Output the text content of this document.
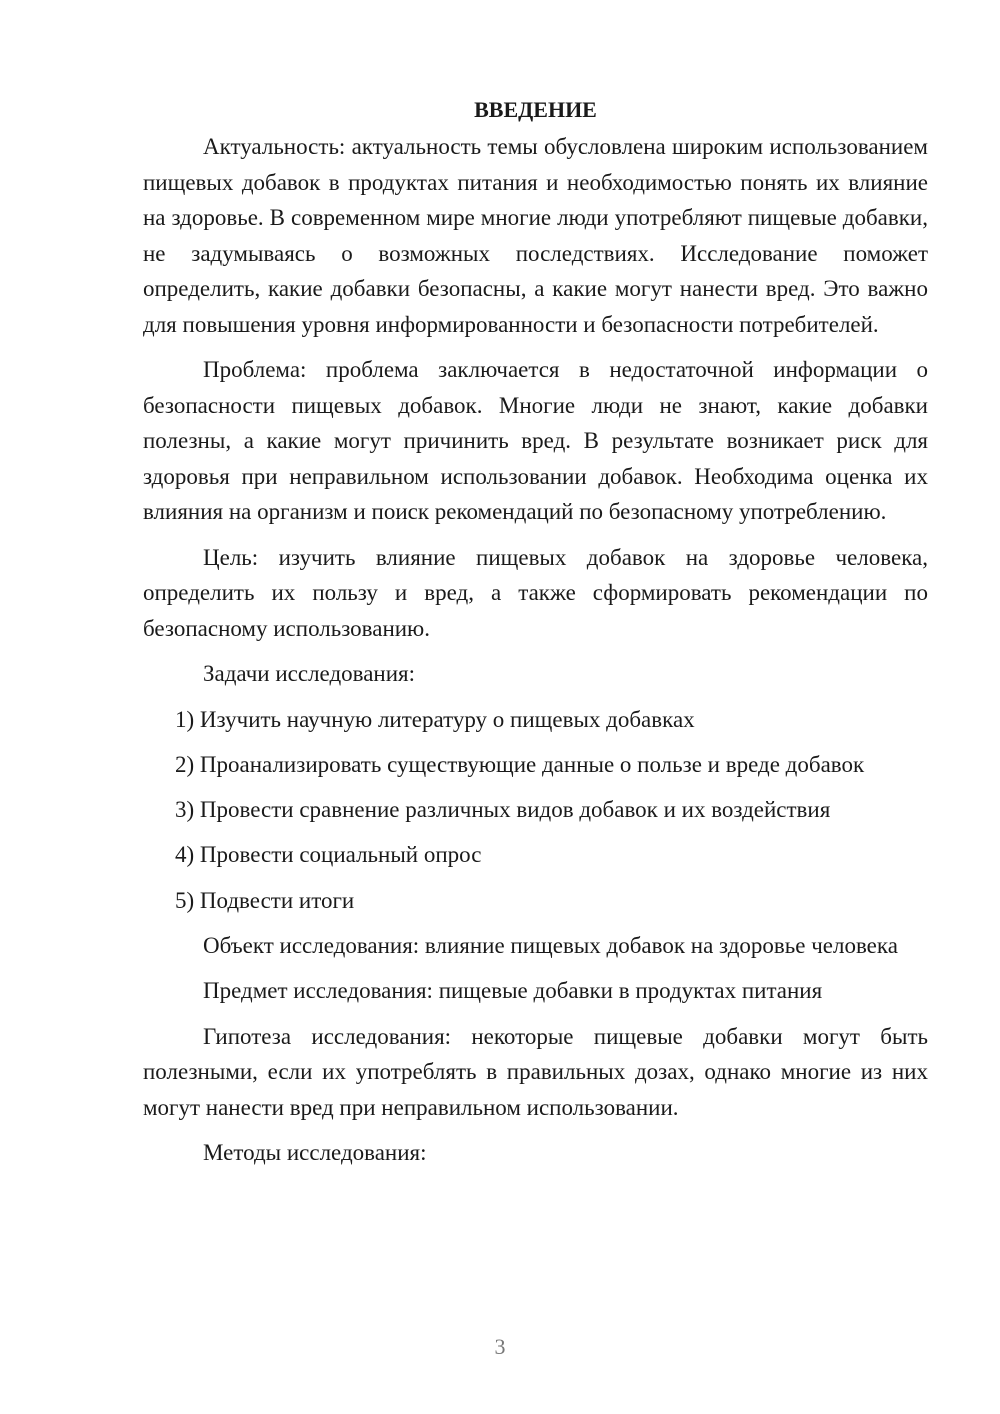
ВВЕДЕНИЕ

Актуальность: актуальность темы обусловлена широким использованием пищевых добавок в продуктах питания и необходимостью понять их влияние на здоровье. В современном мире многие люди употребляют пищевые добавки, не задумываясь о возможных последствиях. Исследование поможет определить, какие добавки безопасны, а какие могут нанести вред. Это важно для повышения уровня информированности и безопасности потребителей.

Проблема: проблема заключается в недостаточной информации о безопасности пищевых добавок. Многие люди не знают, какие добавки полезны, а какие могут причинить вред. В результате возникает риск для здоровья при неправильном использовании добавок. Необходима оценка их влияния на организм и поиск рекомендаций по безопасному употреблению.

Цель: изучить влияние пищевых добавок на здоровье человека, определить их пользу и вред, а также сформировать рекомендации по безопасному использованию.

Задачи исследования:

1) Изучить научную литературу о пищевых добавках
2) Проанализировать существующие данные о пользе и вреде добавок
3) Провести сравнение различных видов добавок и их воздействия
4) Провести социальный опрос
5) Подвести итоги

Объект исследования: влияние пищевых добавок на здоровье человека

Предмет исследования: пищевые добавки в продуктах питания

Гипотеза исследования: некоторые пищевые добавки могут быть полезными, если их употреблять в правильных дозах, однако многие из них могут нанести вред при неправильном использовании.

Методы исследования:

3
